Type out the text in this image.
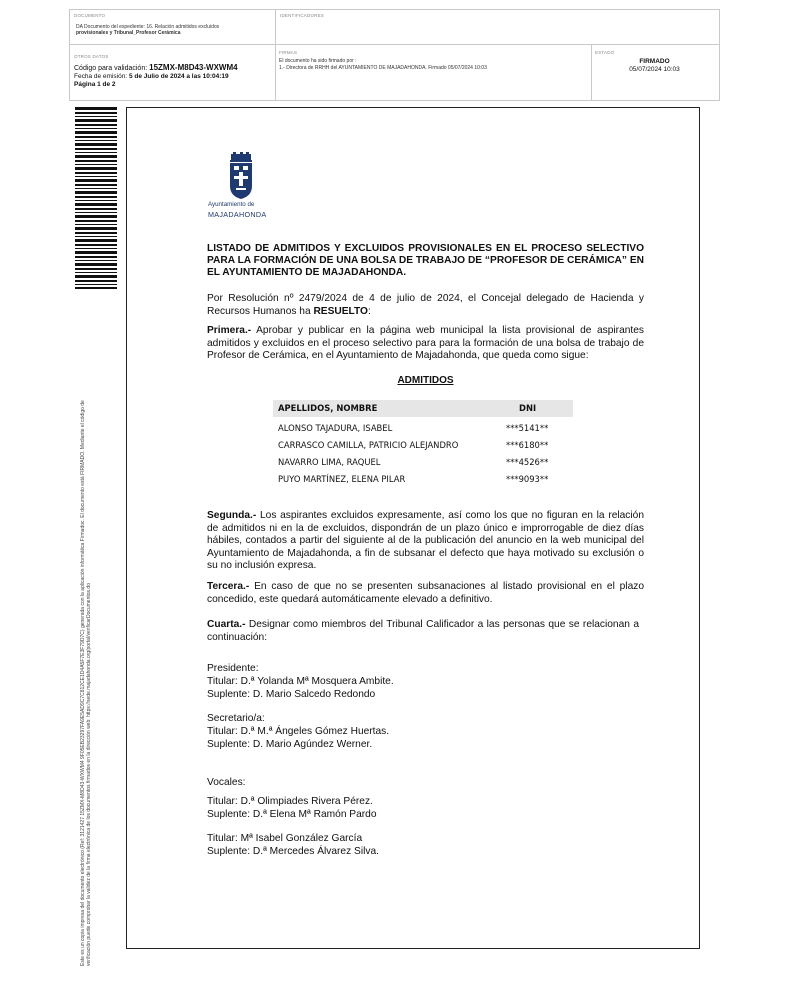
DOCUMENTO
DA Documento del expediente: 16. Relación admitidos excluidos
provisionales y Tribunal_Profesor Cerámica
IDENTIFICADORES
OTROS DATOS
Código para validación: 15ZMX-M8D43-WXWM4
Fecha de emisión: 5 de Julio de 2024 a las 10:04:19
Página 1 de 2
FIRMAS
El documento ha sido firmado por :
1.- Directora de RRHH del AYUNTAMIENTO DE MAJADAHONDA. Firmado 05/07/2024 10:03
ESTADO
FIRMADO
05/07/2024 10:03
Este es un copia impresa del documento electrónico (Ref: 3121427 15ZMX-M8D43-WXWM4 9F05EB23297FA9E5AD9C7C812CE1D4A5F7E3F79D7C) generada con la aplicación informática Firmadoc. El documento está FIRMADO. Mediante el código de verificación puede comprobar la validez de la firma electrónica de los documentos firmados en la dirección web: https://sede.majadahonda.org/portal/verificarDocumentos.do
Ayuntamiento de
MAJADAHONDA
LISTADO DE ADMITIDOS Y EXCLUIDOS PROVISIONALES EN EL PROCESO SELECTIVO PARA LA FORMACIÓN DE UNA BOLSA DE TRABAJO DE “PROFESOR DE CERÁMICA” EN EL AYUNTAMIENTO DE MAJADAHONDA.
Por Resolución nº 2479/2024 de 4 de julio de 2024, el Concejal delegado de Hacienda y Recursos Humanos ha RESUELTO:
Primera.- Aprobar y publicar en la página web municipal la lista provisional de aspirantes admitidos y excluidos en el proceso selectivo para para la formación de una bolsa de trabajo de Profesor de Cerámica, en el Ayuntamiento de Majadahonda, que queda como sigue:
ADMITIDOS
APELLIDOS, NOMBRE	DNI
ALONSO TAJADURA, ISABEL	***5141**
CARRASCO CAMILLA, PATRICIO ALEJANDRO	***6180**
NAVARRO LIMA, RAQUEL	***4526**
PUYO MARTÍNEZ, ELENA PILAR	***9093**
Segunda.- Los aspirantes excluidos expresamente, así como los que no figuran en la relación de admitidos ni en la de excluidos, dispondrán de un plazo único e improrrogable de diez días hábiles, contados a partir del siguiente al de la publicación del anuncio en la web municipal del Ayuntamiento de Majadahonda, a fin de subsanar el defecto que haya motivado su exclusión o su no inclusión expresa.
Tercera.- En caso de que no se presenten subsanaciones al listado provisional en el plazo concedido, este quedará automáticamente elevado a definitivo.
Cuarta.- Designar como miembros del Tribunal Calificador a las personas que se relacionan a continuación:
Presidente:
Titular: D.ª Yolanda Mª Mosquera Ambite.
Suplente: D. Mario Salcedo Redondo
Secretario/a:
Titular: D.ª M.ª Ángeles Gómez Huertas.
Suplente: D. Mario Agúndez Werner.
Vocales:
Titular: D.ª Olimpiades Rivera Pérez.
Suplente: D.ª Elena Mª Ramón Pardo
Titular: Mª Isabel González García
Suplente: D.ª Mercedes Álvarez Silva.
